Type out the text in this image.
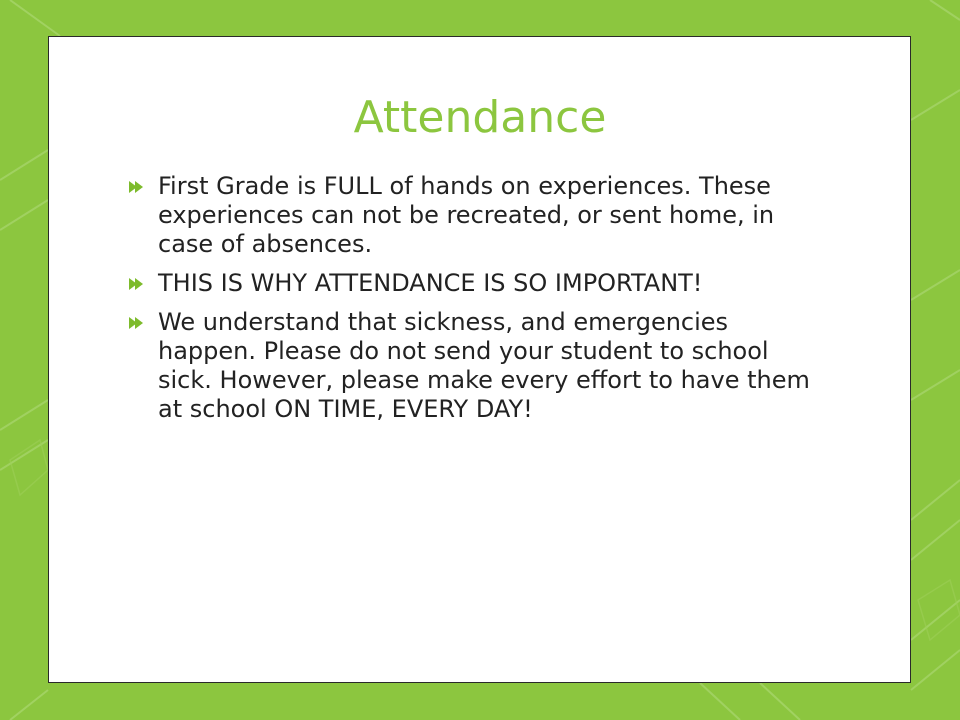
Attendance
First Grade is FULL of hands on experiences. These experiences can not be recreated, or sent home, in case of absences.
THIS IS WHY ATTENDANCE IS SO IMPORTANT!
We understand that sickness, and emergencies happen. Please do not send your student to school sick. However, please make every effort to have them at school ON TIME, EVERY DAY!
